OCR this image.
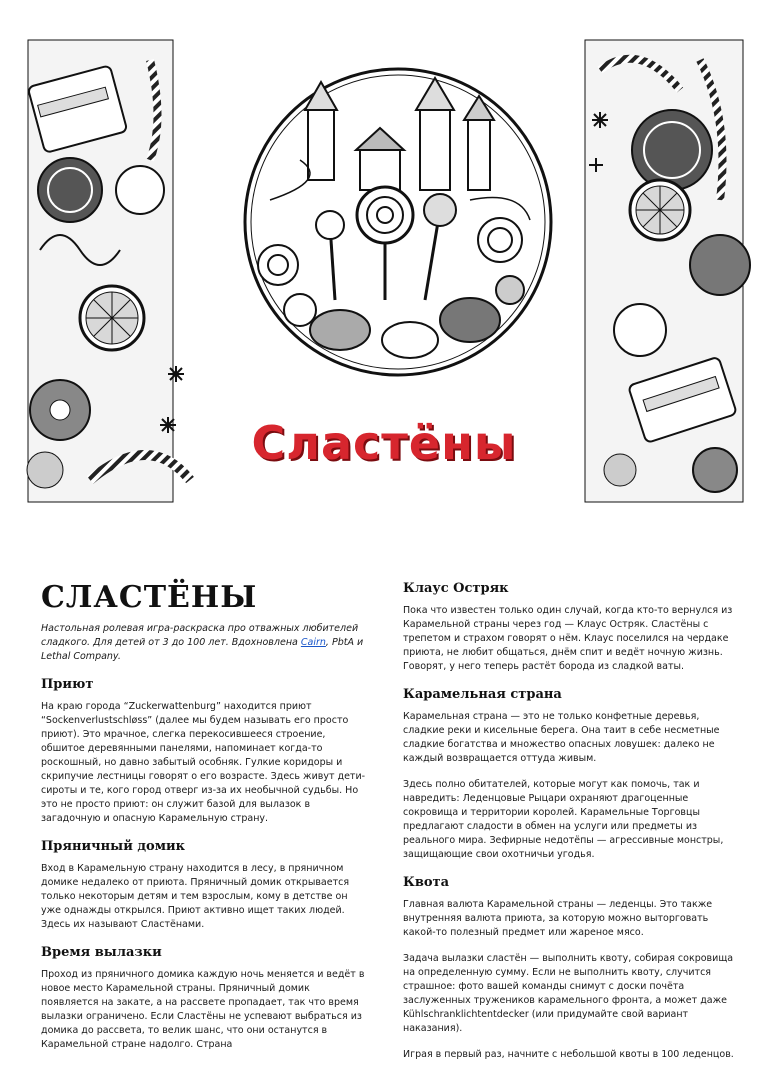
Сластёны
СЛАСТЁНЫ

Настольная ролевая игра-раскраска про отважных любителей сладкого. Для детей от 3 до 100 лет. Вдохновлена Cairn, PbtA и Lethal Company.

Приют

На краю города “Zuckerwattenburg” находится приют “Sockenverlustschløss” (далее мы будем называть его просто приют). Это мрачное, слегка перекосившееся строение, обшитое деревянными панелями, напоминает когда-то роскошный, но давно забытый особняк. Гулкие коридоры и скрипучие лестницы говорят о его возрасте. Здесь живут дети-сироты и те, кого город отверг из-за их необычной судьбы. Но это не просто приют: он служит базой для вылазок в загадочную и опасную Карамельную страну.

Пряничный домик

Вход в Карамельную страну находится в лесу, в пряничном домике недалеко от приюта. Пряничный домик открывается только некоторым детям и тем взрослым, кому в детстве он уже однажды открылся. Приют активно ищет таких людей. Здесь их называют Сластёнами.

Время вылазки

Проход из пряничного домика каждую ночь меняется и ведёт в новое место Карамельной страны. Пряничный домик появляется на закате, а на рассвете пропадает, так что время вылазки ограничено. Если Сластёны не успевают выбраться из домика до рассвета, то велик шанс, что они останутся в Карамельной стране надолго. Страна

Клаус Остряк

Пока что известен только один случай, когда кто-то вернулся из Карамельной страны через год — Клаус Остряк. Сластёны с трепетом и страхом говорят о нём. Клаус поселился на чердаке приюта, не любит общаться, днём спит и ведёт ночную жизнь. Говорят, у него теперь растёт борода из сладкой ваты.

Карамельная страна

Карамельная страна — это не только конфетные деревья, сладкие реки и кисельные берега. Она таит в себе несметные сладкие богатства и множество опасных ловушек: далеко не каждый возвращается оттуда живым.

Здесь полно обитателей, которые могут как помочь, так и навредить: Леденцовые Рыцари охраняют драгоценные сокровища и территории королей. Карамельные Торговцы предлагают сладости в обмен на услуги или предметы из реального мира. Зефирные недотёпы — агрессивные монстры, защищающие свои охотничьи угодья.

Квота

Главная валюта Карамельной страны — леденцы. Это также внутренняя валюта приюта, за которую можно выторговать какой-то полезный предмет или жареное мясо.

Задача вылазки сластён — выполнить квоту, собирая сокровища на определенную сумму. Если не выполнить квоту, случится страшное: фото вашей команды снимут с доски почёта заслуженных тружеников карамельного фронта, а может даже Kühlschranklichtentdecker (или придумайте свой вариант наказания).

Играя в первый раз, начните с небольшой квоты в 100 леденцов.
